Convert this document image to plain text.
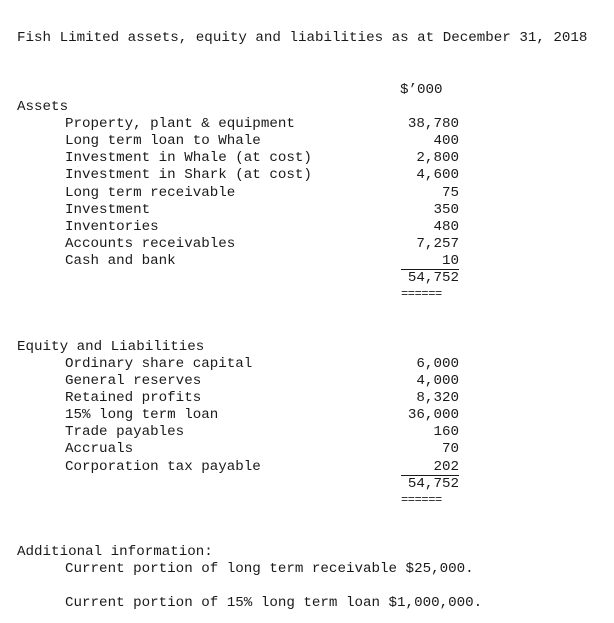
Fish Limited assets, equity and liabilities as at December 31, 2018
$’000
Assets
Property, plant & equipment	38,780
Long term loan to Whale	400
Investment in Whale (at cost)	2,800
Investment in Shark (at cost)	4,600
Long term receivable	75
Investment	350
Inventories	480
Accounts receivables	7,257
Cash and bank	10
54,752
======
Equity and Liabilities
Ordinary share capital	6,000
General reserves	4,000
Retained profits	8,320
15% long term loan	36,000
Trade payables	160
Accruals	70
Corporation tax payable	202
54,752
======
Additional information:
Current portion of long term receivable $25,000.
Current portion of 15% long term loan $1,000,000.
